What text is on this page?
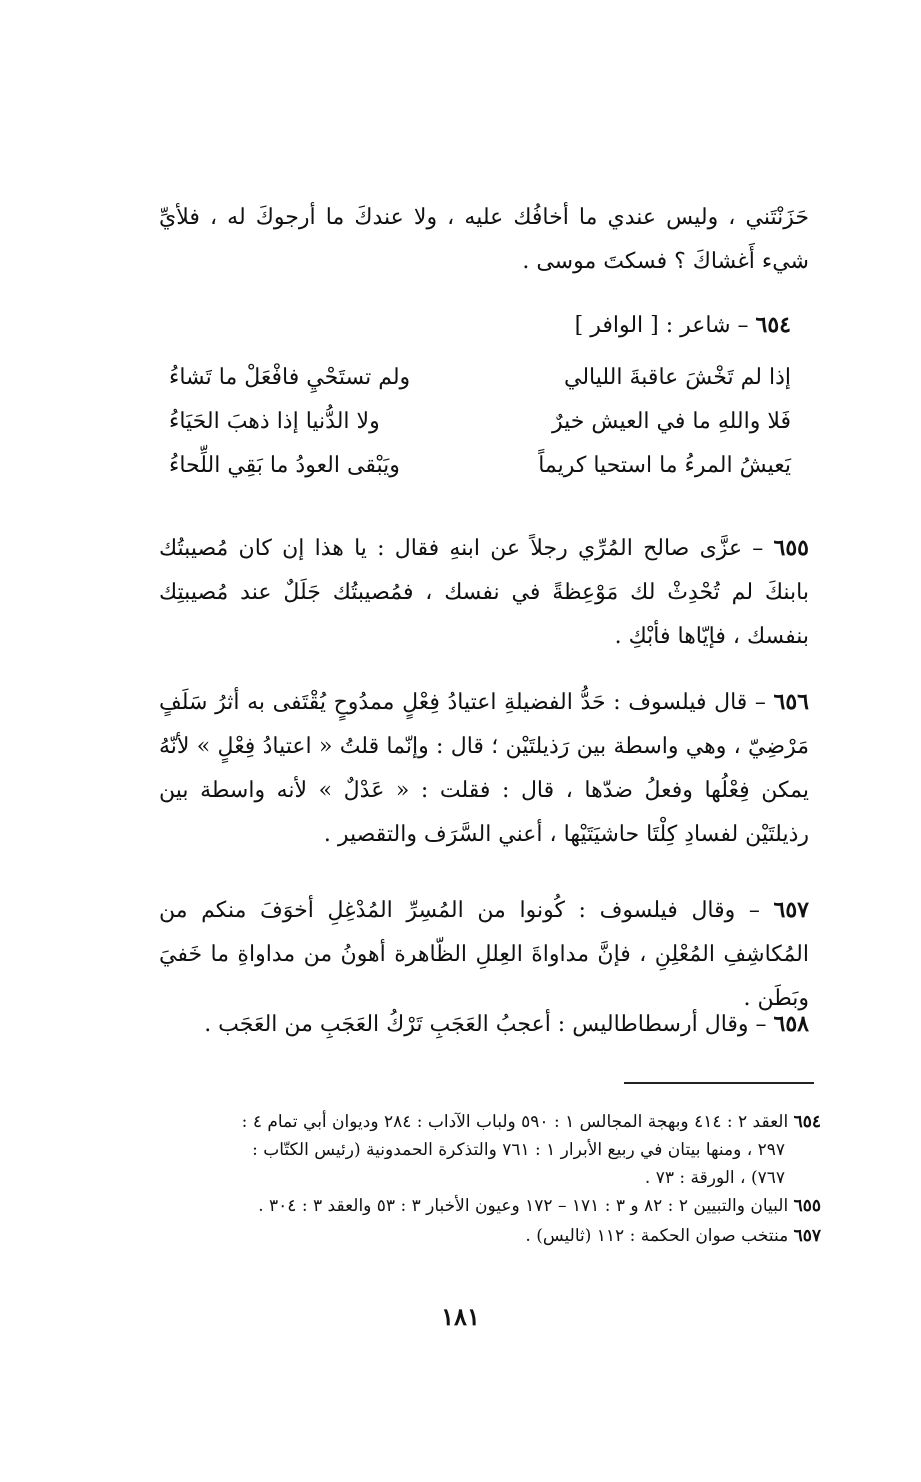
حَزَنْتَني ، وليس عندي ما أخافُك عليه ، ولا عندكَ ما أرجوكَ له ، فلأيِّ شيء أَغشاكَ ؟ فسكتَ موسى .
٦٥٤ – شاعر : [ الوافر ]
إذا لم تَخْشَ عاقبةَ الليالي
ولم تستَحْيِ فافْعَلْ ما تَشاءُ
فَلا واللهِ ما في العيش خيرٌ
ولا الدُّنيا إذا ذهبَ الحَيَاءُ
يَعيشُ المرءُ ما استحيا كريماً
ويَبْقى العودُ ما بَقِي اللِّحاءُ
٦٥٥ – عزَّى صالح المُرِّي رجلاً عن ابنهِ فقال : يا هذا إن كان مُصيبتُك بابنكَ لم تُحْدِثْ لك مَوْعِظةً في نفسك ، فمُصيبتُك جَلَلٌ عند مُصيبتِك بنفسك ، فإيّاها فأبْكِ .
٦٥٦ – قال فيلسوف : حَدُّ الفضيلةِ اعتيادُ فِعْلٍ ممدُوحٍ يُقْتَفى به أثرُ سَلَفٍ مَرْضِيّ ، وهي واسطة بين رَذيلتَيْن ؛ قال : وإنّما قلتُ « اعتيادُ فِعْلٍ » لأنّهُ يمكن فِعْلُها وفعلُ ضدّها ، قال : فقلت : « عَدْلٌ » لأنه واسطة بين رذيلتَيْن لفسادِ كِلْتَا حاشيَتَيْها ، أعني السَّرَف والتقصير .
٦٥٧ – وقال فيلسوف : كُونوا من المُسِرِّ المُدْغِلِ أخوَفَ منكم من المُكاشِفِ المُعْلِنِ ، فإنَّ مداواةَ العِللِ الظّاهرة أهونُ من مداواةِ ما خَفيَ وبَطَن .
٦٥٨ – وقال أرسطاطاليس : أعجبُ العَجَبِ تَرْكُ العَجَبِ من العَجَب .
٦٥٤ العقد ٢ : ٤١٤ وبهجة المجالس ١ : ٥٩٠ ولباب الآداب : ٢٨٤ وديوان أبي تمام ٤ :
٢٩٧ ، ومنها بيتان في ربيع الأبرار ١ : ٧٦١ والتذكرة الحمدونية (رئيس الكتّاب :
٧٦٧) ، الورقة : ٧٣ .
٦٥٥ البيان والتبيين ٢ : ٨٢ و ٣ : ١٧١ – ١٧٢ وعيون الأخبار ٣ : ٥٣ والعقد ٣ : ٣٠٤ .
٦٥٧ منتخب صوان الحكمة : ١١٢ (ثاليس) .
١٨١
